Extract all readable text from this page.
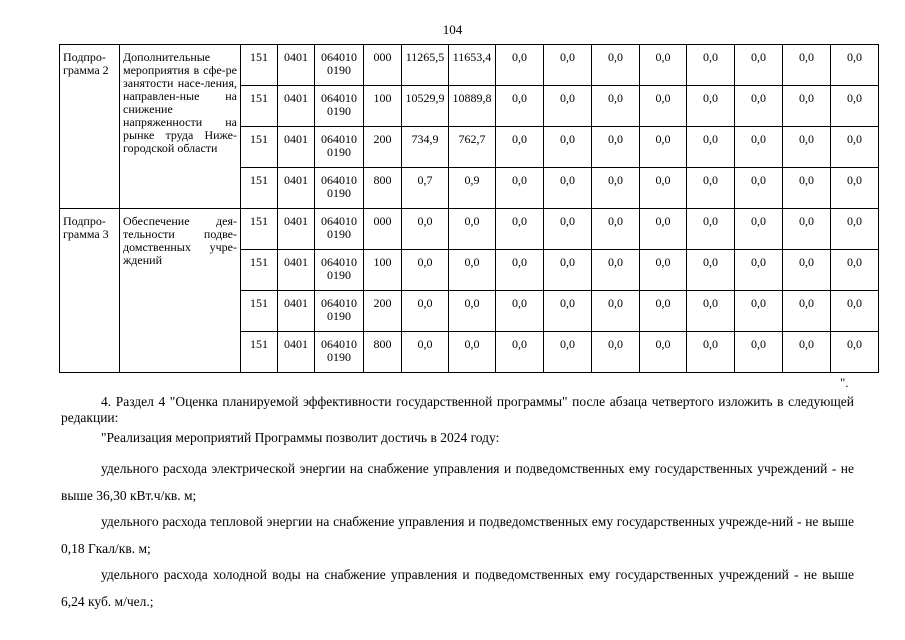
104
Подпро-грамма 2	Дополнительные мероприятия в сфе-ре занятости насе-ления, направлен-ные на снижение напряженности на рынке труда Ниже-городской области	151	0401	064010 0190	000	11265,5	11653,4	0,0	0,0	0,0	0,0	0,0	0,0	0,0	0,0
		151	0401	064010 0190	100	10529,9	10889,8	0,0	0,0	0,0	0,0	0,0	0,0	0,0	0,0
		151	0401	064010 0190	200	734,9	762,7	0,0	0,0	0,0	0,0	0,0	0,0	0,0	0,0
		151	0401	064010 0190	800	0,7	0,9	0,0	0,0	0,0	0,0	0,0	0,0	0,0	0,0
Подпро-грамма 3	Обеспечение дея-тельности подве-домственных учре-ждений	151	0401	064010 0190	000	0,0	0,0	0,0	0,0	0,0	0,0	0,0	0,0	0,0	0,0
		151	0401	064010 0190	100	0,0	0,0	0,0	0,0	0,0	0,0	0,0	0,0	0,0	0,0
		151	0401	064010 0190	200	0,0	0,0	0,0	0,0	0,0	0,0	0,0	0,0	0,0	0,0
		151	0401	064010 0190	800	0,0	0,0	0,0	0,0	0,0	0,0	0,0	0,0	0,0	0,0
".

4. Раздел 4 "Оценка планируемой эффективности государственной программы" после абзаца четвертого изложить в следующей редакции:

"Реализация мероприятий Программы позволит достичь в 2024 году:

удельного расхода электрической энергии на снабжение управления и подведомственных ему государственных учреждений - не выше 36,30 кВт.ч/кв. м;

удельного расхода тепловой энергии на снабжение управления и подведомственных ему государственных учрежде-ний - не выше 0,18 Гкал/кв. м;

удельного расхода холодной воды на снабжение управления и подведомственных ему государственных учреждений - не выше 6,24 куб. м/чел.;
